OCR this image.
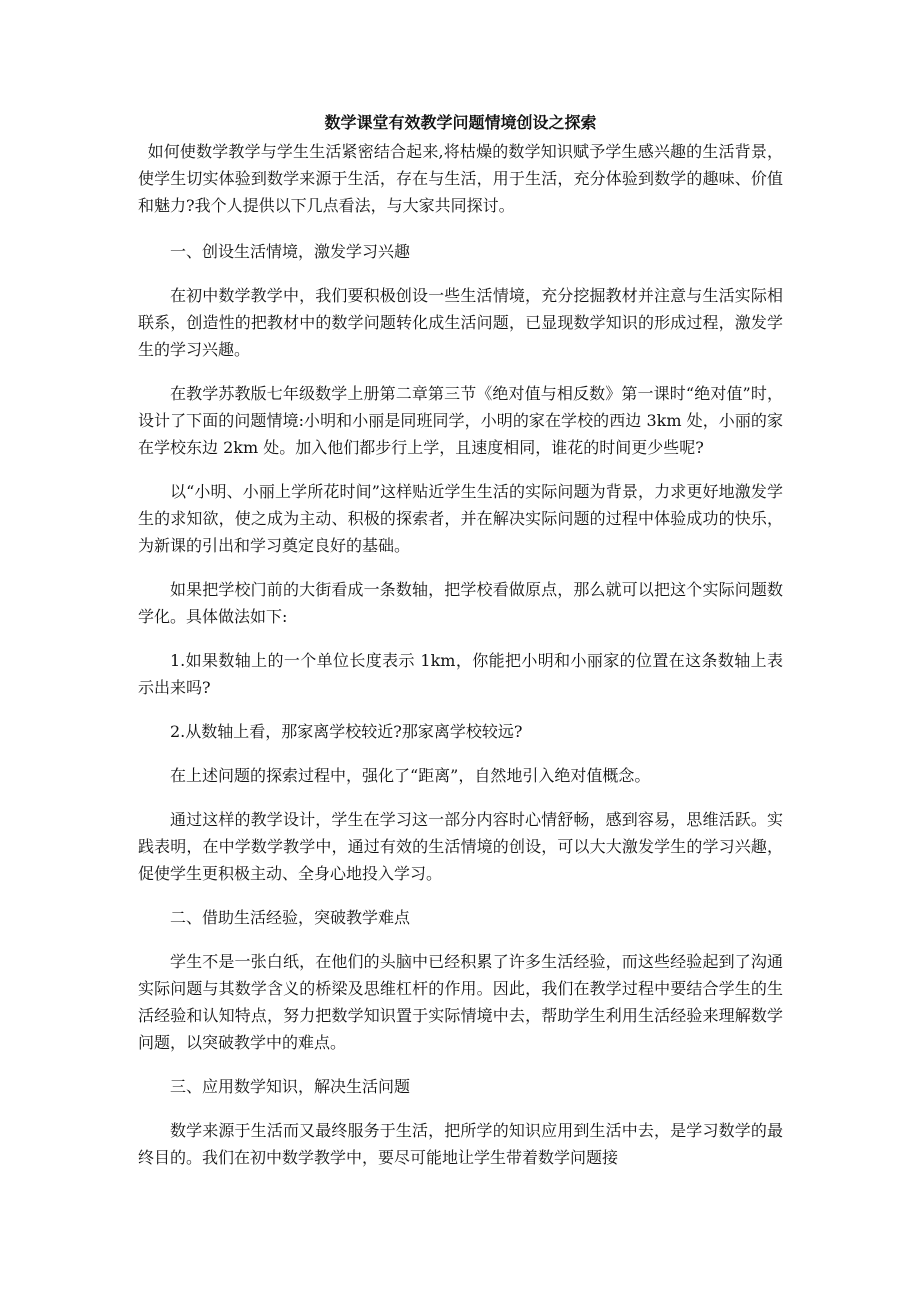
数学课堂有效教学问题情境创设之探索

如何使数学教学与学生生活紧密结合起来,将枯燥的数学知识赋予学生感兴趣的生活背景，使学生切实体验到数学来源于生活，存在与生活，用于生活，充分体验到数学的趣味、价值和魅力?我个人提供以下几点看法，与大家共同探讨。

一、创设生活情境，激发学习兴趣

在初中数学教学中，我们要积极创设一些生活情境，充分挖掘教材并注意与生活实际相联系，创造性的把教材中的数学问题转化成生活问题，已显现数学知识的形成过程，激发学生的学习兴趣。

在教学苏教版七年级数学上册第二章第三节《绝对值与相反数》第一课时“绝对值”时，设计了下面的问题情境:小明和小丽是同班同学，小明的家在学校的西边 3km 处，小丽的家在学校东边 2km 处。加入他们都步行上学，且速度相同，谁花的时间更少些呢?

以“小明、小丽上学所花时间”这样贴近学生生活的实际问题为背景，力求更好地激发学生的求知欲，使之成为主动、积极的探索者，并在解决实际问题的过程中体验成功的快乐，为新课的引出和学习奠定良好的基础。

如果把学校门前的大街看成一条数轴，把学校看做原点，那么就可以把这个实际问题数学化。具体做法如下:

1.如果数轴上的一个单位长度表示 1km，你能把小明和小丽家的位置在这条数轴上表示出来吗?

2.从数轴上看，那家离学校较近?那家离学校较远?

在上述问题的探索过程中，强化了“距离”，自然地引入绝对值概念。

通过这样的教学设计，学生在学习这一部分内容时心情舒畅，感到容易，思维活跃。实践表明，在中学数学教学中，通过有效的生活情境的创设，可以大大激发学生的学习兴趣，促使学生更积极主动、全身心地投入学习。

二、借助生活经验，突破教学难点

学生不是一张白纸，在他们的头脑中已经积累了许多生活经验，而这些经验起到了沟通实际问题与其数学含义的桥梁及思维杠杆的作用。因此，我们在教学过程中要结合学生的生活经验和认知特点，努力把数学知识置于实际情境中去，帮助学生利用生活经验来理解数学问题，以突破教学中的难点。

三、应用数学知识，解决生活问题

数学来源于生活而又最终服务于生活，把所学的知识应用到生活中去，是学习数学的最终目的。我们在初中数学教学中，要尽可能地让学生带着数学问题接
